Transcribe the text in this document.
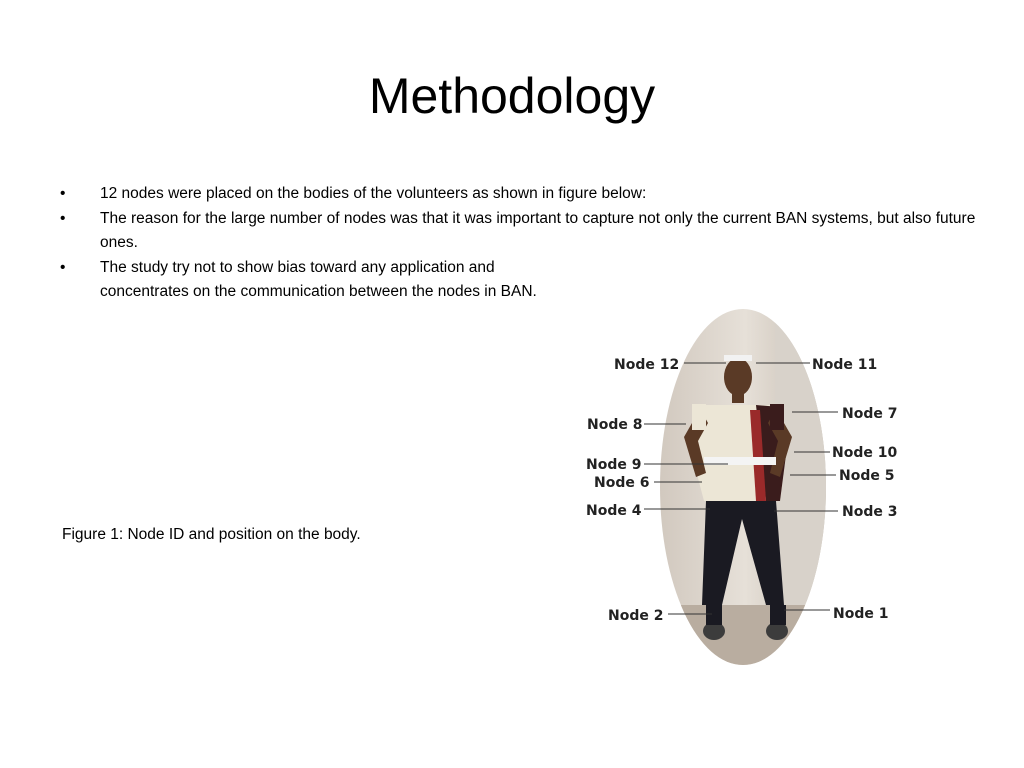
Methodology
• 12 nodes were placed on the bodies of the volunteers as shown in figure below:
• The reason for the large number of nodes was that it was important to capture not only the current BAN systems, but also future ones.
• The study try not to show bias toward any application and concentrates on the communication between the nodes in BAN.
Figure 1: Node ID and position on the body.
Node 12	Node 11
Node 8
Node 7
Node 10
Node 9
Node 5
Node 6
Node 4	Node 3
Node 2	Node 1
